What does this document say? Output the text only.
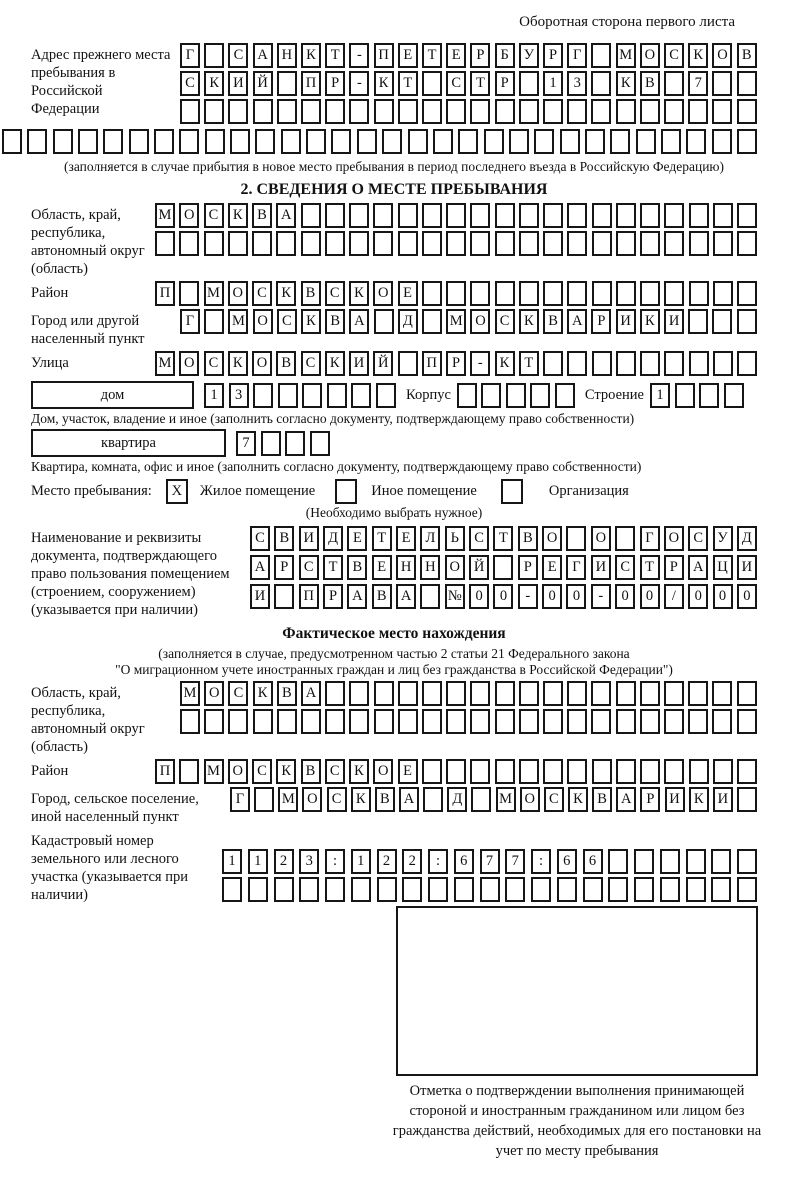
Оборотная сторона первого листа
Адрес прежнего места пребывания в Российской Федерации
Г	С А Н К	Т	-	П	Е	Т	Е	Р	Б	У	Р	Г	М О С	К О В
С	К И Й	П	Р	-	К	Т	С	Т	Р	1	3	К	В	7
(заполняется в случае прибытия в новое место пребывания в период последнего въезда в Российскую Федерацию)
2. СВЕДЕНИЯ О МЕСТЕ ПРЕБЫВАНИЯ
Область, край, республика, автономный округ (область)
М О С	К	В А
Район	П	М О С	К	В	С	К О	Е
Город или другой населенный пункт
Г	М О С	К	В А	Д	М О С	К	В А	Р	И К И
Улица	М О С	К О В	С	К И Й	П	Р	-	К	Т
дом	1	3	Корпус	Строение 1
Дом, участок, владение и иное (заполнить согласно документу, подтверждающему право собственности)
квартира	7
Квартира, комната, офис и иное (заполнить согласно документу, подтверждающему право собственности)
Место пребывания:	X	Жилое помещение	Иное помещение	Организация
(Необходимо выбрать нужное)
Наименование и реквизиты документа, подтверждающего право пользования помещением (строением, сооружением) (указывается при наличии)
С	В И Д	Е	Т	Е	Л	Ь	С	Т	В О	О	Г	О С У Д
А	Р	С	Т	В	Е	Н Н О Й	Р	Е	Г	И С	Т	Р	А Ц И
И	П	Р	А В А	№ 0	0	-	0	0	-	0	0	/	0	0	0
Фактическое место нахождения
(заполняется в случае, предусмотренном частью 2 статьи 21 Федерального закона
"О миграционном учете иностранных граждан и лиц без гражданства в Российской Федерации")
Область, край, республика, автономный округ (область)
М О С	К	В А
Район	П	М О С	К	В	С	К О	Е
Город, сельское поселение, иной населенный пункт
Г	М О С К В А	Д	М О С К В А	Р	И К И
Кадастровый номер земельного или лесного участка (указывается при наличии)
1	1	2	3	:	1	2	2	:	6	7	7	:	6	6
Отметка о подтверждении выполнения принимающей стороной и иностранным гражданином или лицом без гражданства действий, необходимых для его постановки на учет по месту пребывания
